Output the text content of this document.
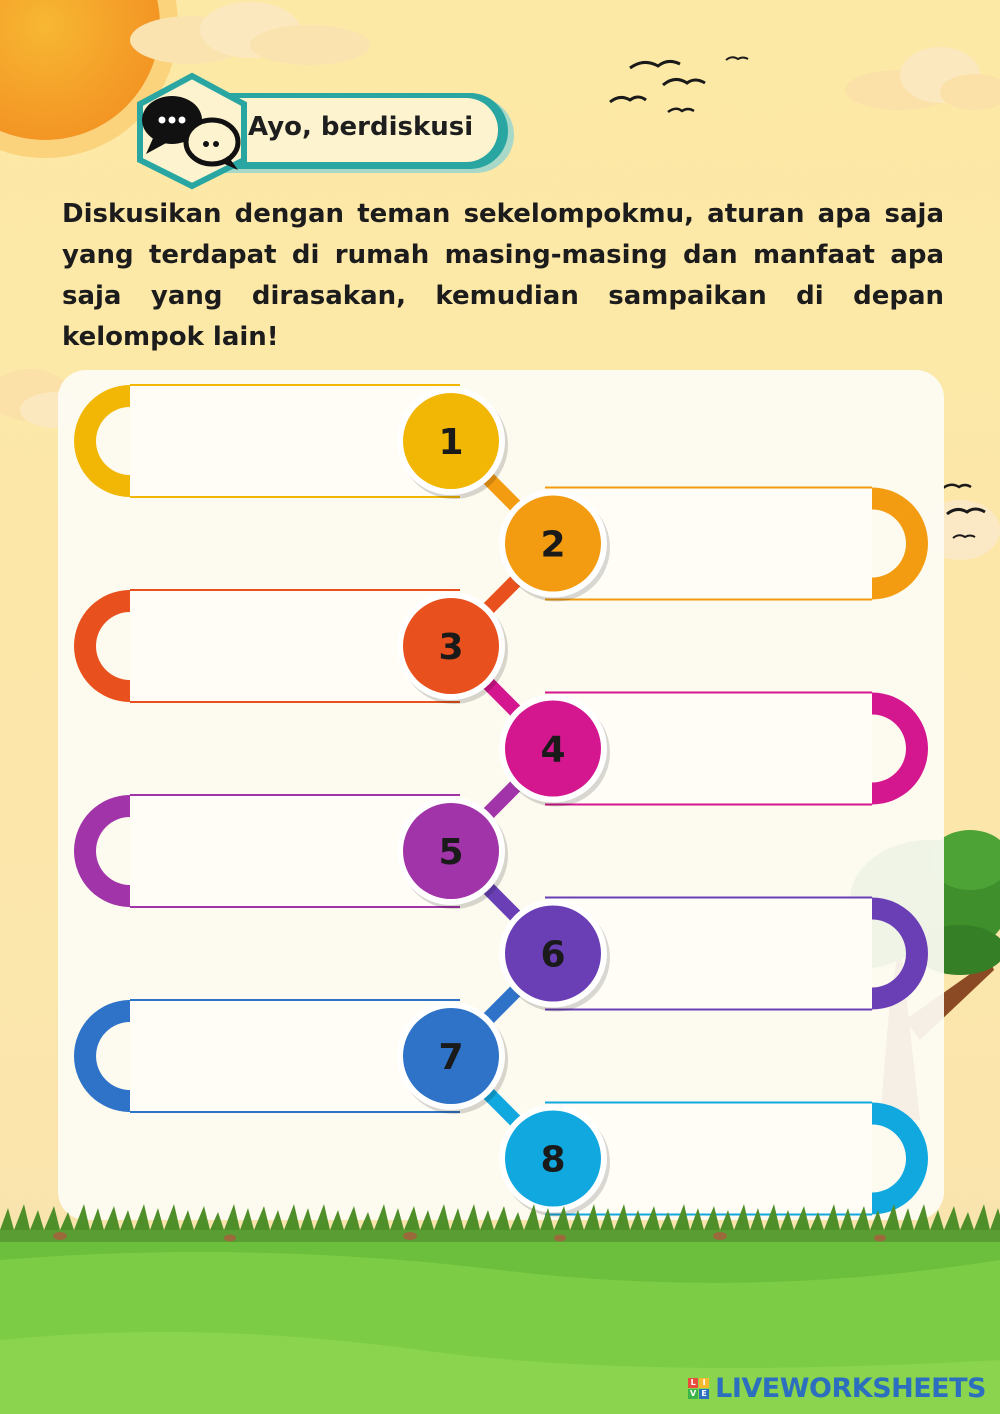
Ayo, berdiskusi
Diskusikan dengan teman sekelompokmu, aturan apa saja yang terdapat di rumah masing-masing dan manfaat apa saja yang dirasakan, kemudian sampaikan di depan kelompok lain!
1
2
3
4
5
6
7
8
L I
V E LIVEWORKSHEETS
